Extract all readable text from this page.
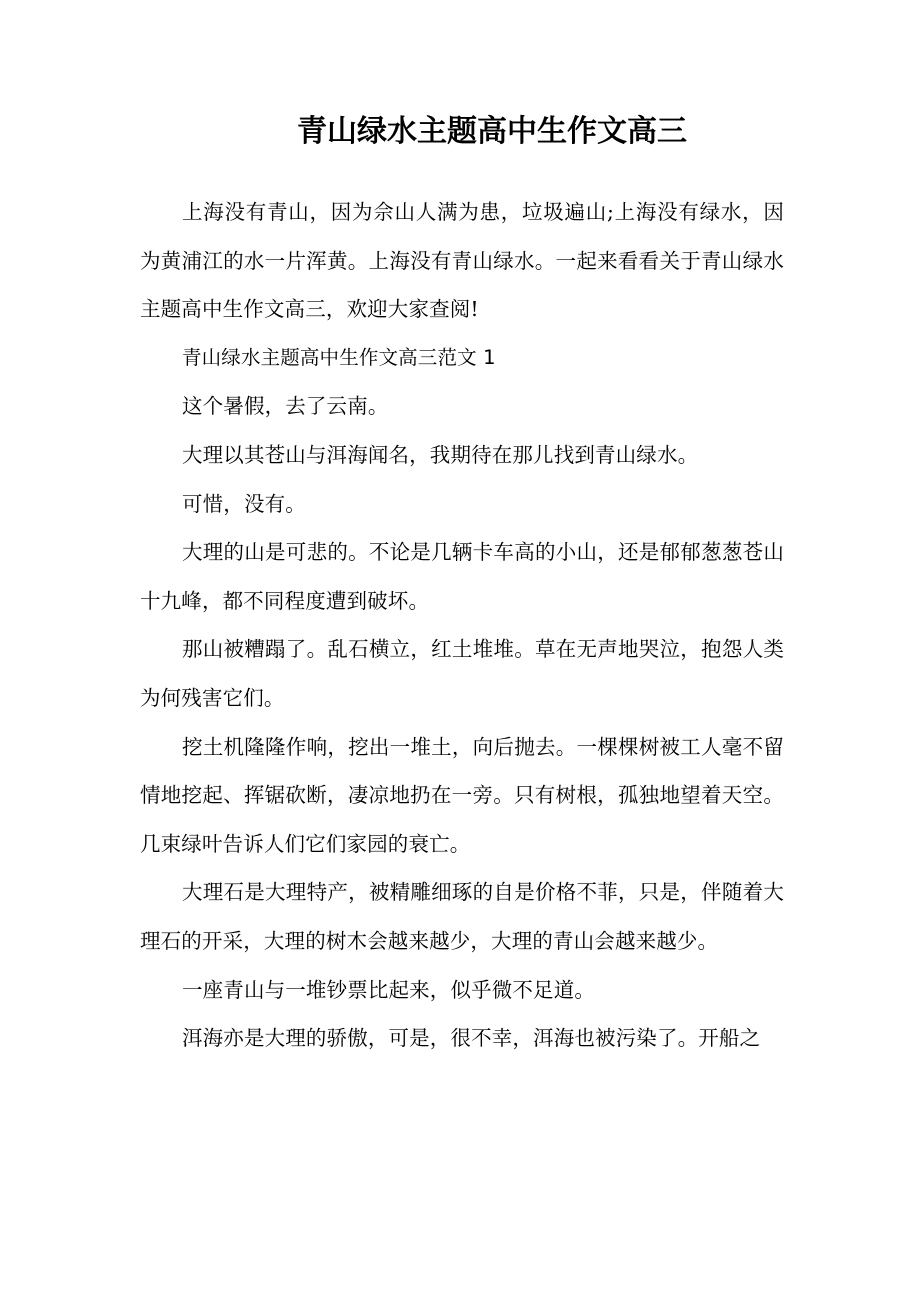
青山绿水主题高中生作文高三

上海没有青山，因为佘山人满为患，垃圾遍山;上海没有绿水，因为黄浦江的水一片浑黄。上海没有青山绿水。一起来看看关于青山绿水主题高中生作文高三，欢迎大家查阅!

青山绿水主题高中生作文高三范文 1

这个暑假，去了云南。

大理以其苍山与洱海闻名，我期待在那儿找到青山绿水。

可惜，没有。

大理的山是可悲的。不论是几辆卡车高的小山，还是郁郁葱葱苍山十九峰，都不同程度遭到破坏。

那山被糟蹋了。乱石横立，红土堆堆。草在无声地哭泣，抱怨人类为何残害它们。

挖土机隆隆作响，挖出一堆土，向后抛去。一棵棵树被工人毫不留情地挖起、挥锯砍断，凄凉地扔在一旁。只有树根，孤独地望着天空。几束绿叶告诉人们它们家园的衰亡。

大理石是大理特产，被精雕细琢的自是价格不菲，只是，伴随着大理石的开采，大理的树木会越来越少，大理的青山会越来越少。

一座青山与一堆钞票比起来，似乎微不足道。

洱海亦是大理的骄傲，可是，很不幸，洱海也被污染了。开船之
